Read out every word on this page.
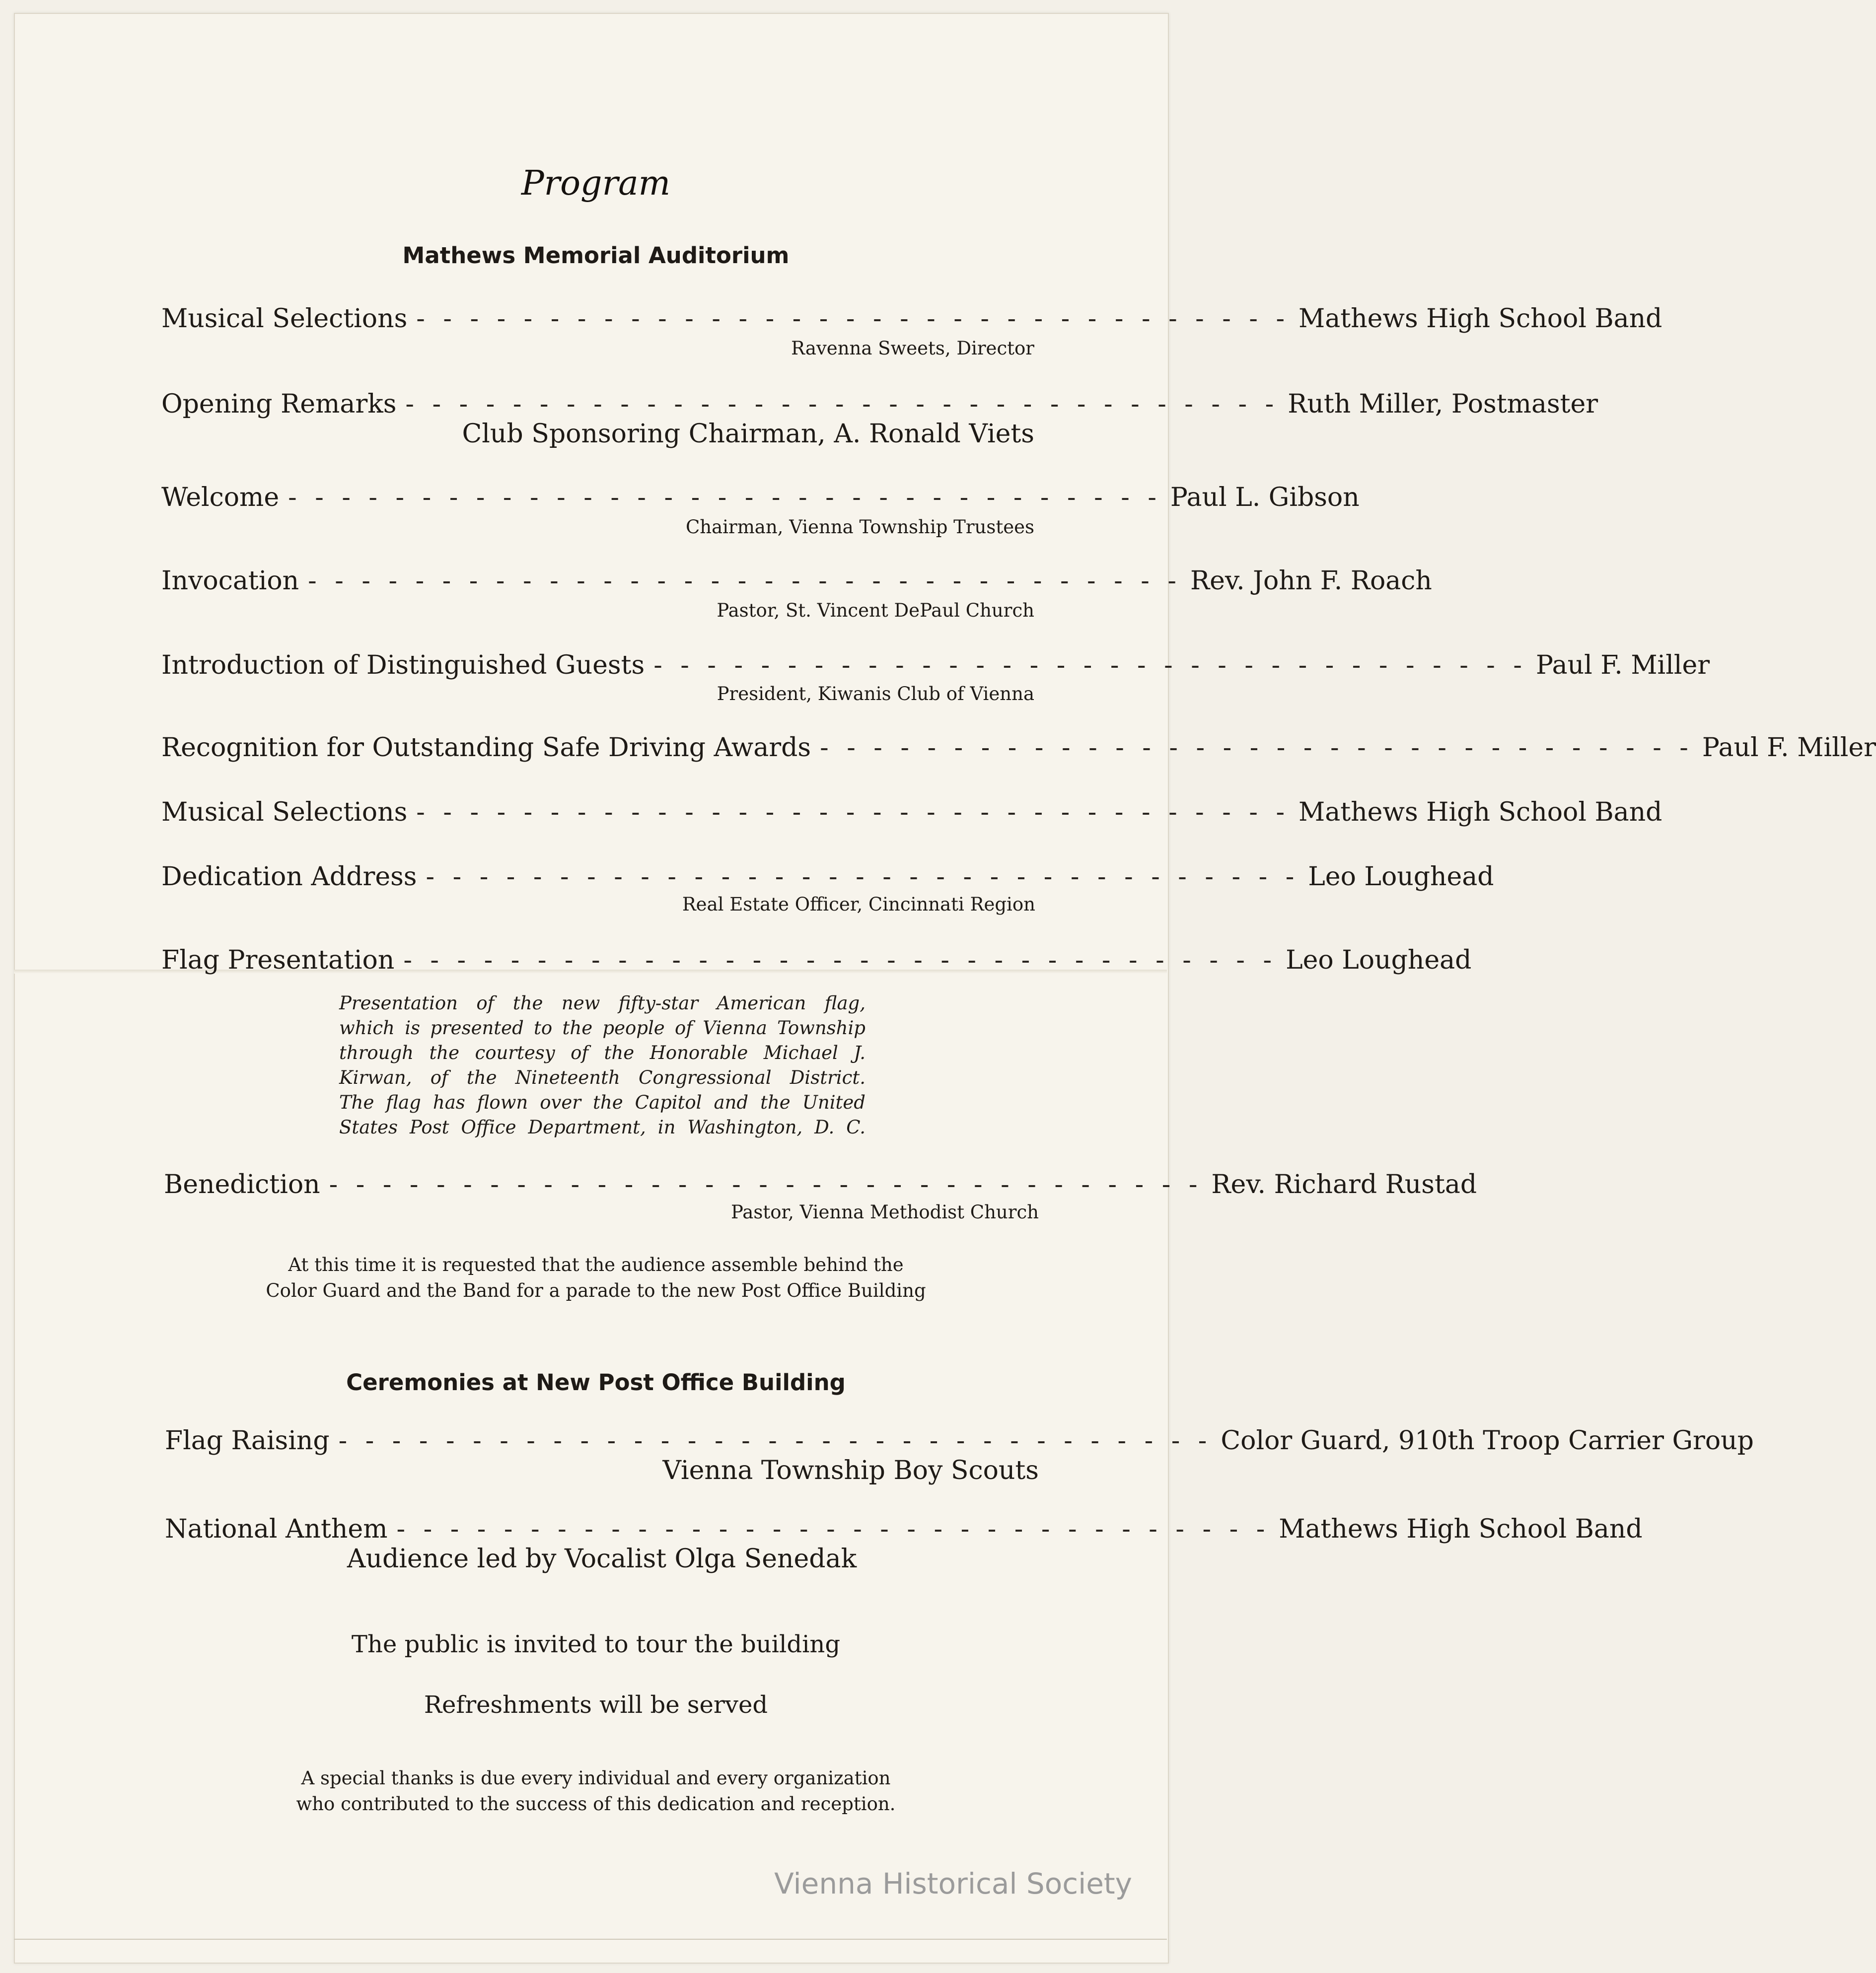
Program
Mathews Memorial Auditorium
Musical Selections - - - - - - - - - - - - - - - - - - - - - - - - - - - - - - - - - Mathews High School Band
Ravenna Sweets, Director
Opening Remarks - - - - - - - - - - - - - - - - - - - - - - - - - - - - - - - - - Ruth Miller, Postmaster
Club Sponsoring Chairman, A. Ronald Viets
Welcome - - - - - - - - - - - - - - - - - - - - - - - - - - - - - - - - - Paul L. Gibson
Chairman, Vienna Township Trustees
Invocation - - - - - - - - - - - - - - - - - - - - - - - - - - - - - - - - - Rev. John F. Roach
Pastor, St. Vincent DePaul Church
Introduction of Distinguished Guests - - - - - - - - - - - - - - - - - - - - - - - - - - - - - - - - - Paul F. Miller
President, Kiwanis Club of Vienna
Recognition for Outstanding Safe Driving Awards - - - - - - - - - - - - - - - - - - - - - - - - - - - - - - - - - Paul F. Miller
Musical Selections - - - - - - - - - - - - - - - - - - - - - - - - - - - - - - - - - Mathews High School Band
Dedication Address - - - - - - - - - - - - - - - - - - - - - - - - - - - - - - - - - Leo Loughead
Real Estate Officer, Cincinnati Region
Flag Presentation - - - - - - - - - - - - - - - - - - - - - - - - - - - - - - - - - Leo Loughead
Presentation of the new fifty-star American flag,
which is presented to the people of Vienna Township
through the courtesy of the Honorable Michael J.
Kirwan, of the Nineteenth Congressional District.
The flag has flown over the Capitol and the United
States Post Office Department, in Washington, D. C.
Benediction - - - - - - - - - - - - - - - - - - - - - - - - - - - - - - - - - Rev. Richard Rustad
Pastor, Vienna Methodist Church
At this time it is requested that the audience assemble behind the
Color Guard and the Band for a parade to the new Post Office Building
Ceremonies at New Post Office Building
Flag Raising - - - - - - - - - - - - - - - - - - - - - - - - - - - - - - - - - Color Guard, 910th Troop Carrier Group
Vienna Township Boy Scouts
National Anthem - - - - - - - - - - - - - - - - - - - - - - - - - - - - - - - - - Mathews High School Band
Audience led by Vocalist Olga Senedak
The public is invited to tour the building
Refreshments will be served
A special thanks is due every individual and every organization
who contributed to the success of this dedication and reception.
Vienna Historical Society
